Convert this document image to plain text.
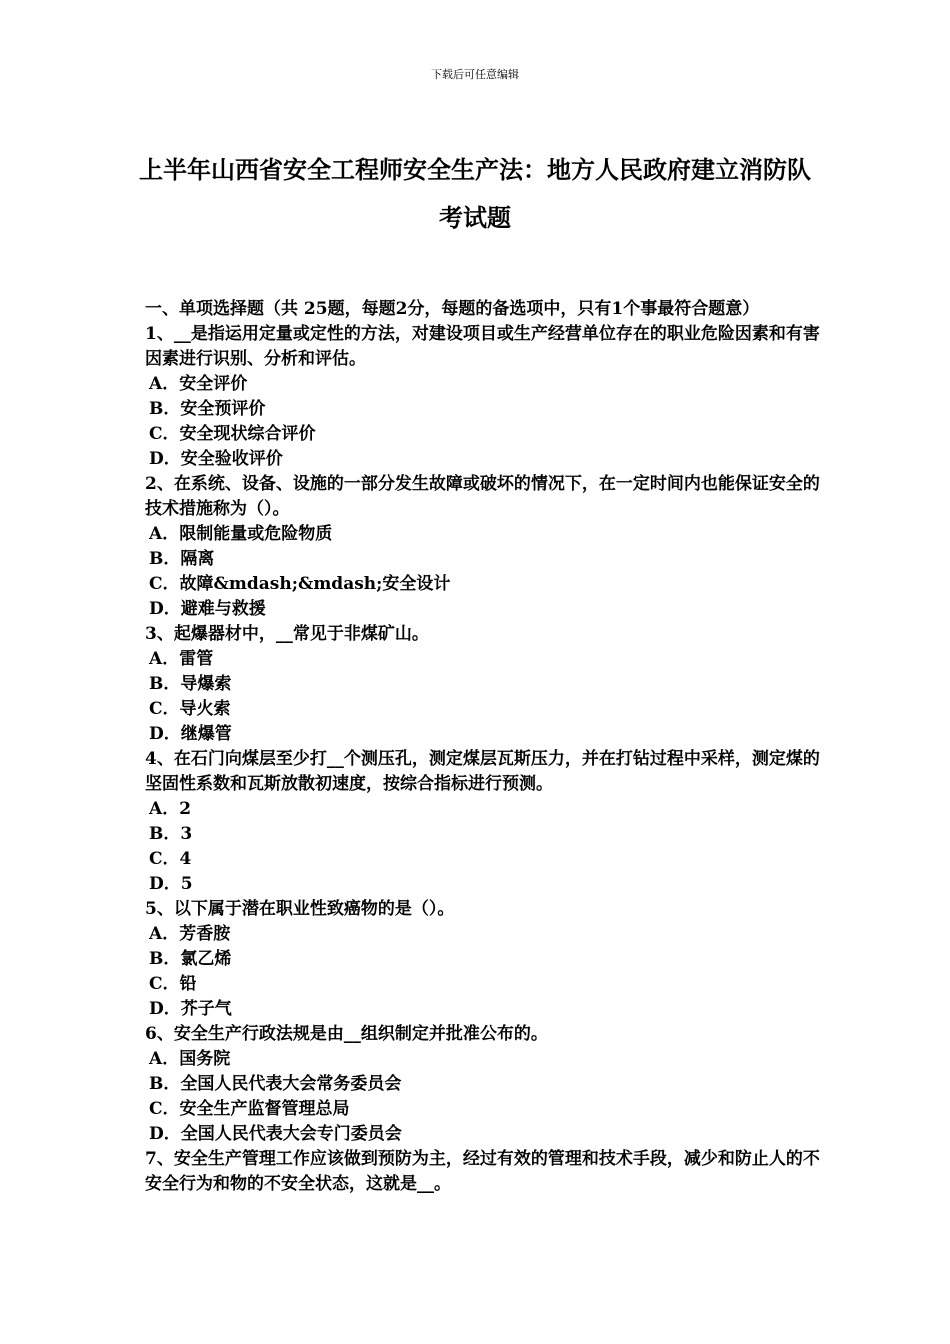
下载后可任意编辑
上半年山西省安全工程师安全生产法：地方人民政府建立消防队考试题

一、单项选择题（共 25题，每题2分，每题的备选项中，只有1个事最符合题意）

1、__是指运用定量或定性的方法，对建设项目或生产经营单位存在的职业危险因素和有害因素进行识别、分析和评估。

A．安全评价
B．安全预评价
C．安全现状综合评价
D．安全验收评价

2、在系统、设备、设施的一部分发生故障或破坏的情况下，在一定时间内也能保证安全的技术措施称为（）。

A．限制能量或危险物质
B．隔离
C．故障&mdash;&mdash;安全设计
D．避难与救援

3、起爆器材中，__常见于非煤矿山。

A．雷管
B．导爆索
C．导火索
D．继爆管

4、在石门向煤层至少打__个测压孔，测定煤层瓦斯压力，并在打钻过程中采样，测定煤的坚固性系数和瓦斯放散初速度，按综合指标进行预测。

A．2
B．3
C．4
D．5

5、以下属于潜在职业性致癌物的是（）。

A．芳香胺
B．氯乙烯
C．铅
D．芥子气

6、安全生产行政法规是由__组织制定并批准公布的。

A．国务院
B．全国人民代表大会常务委员会
C．安全生产监督管理总局
D．全国人民代表大会专门委员会

7、安全生产管理工作应该做到预防为主，经过有效的管理和技术手段，减少和防止人的不安全行为和物的不安全状态，这就是__。
